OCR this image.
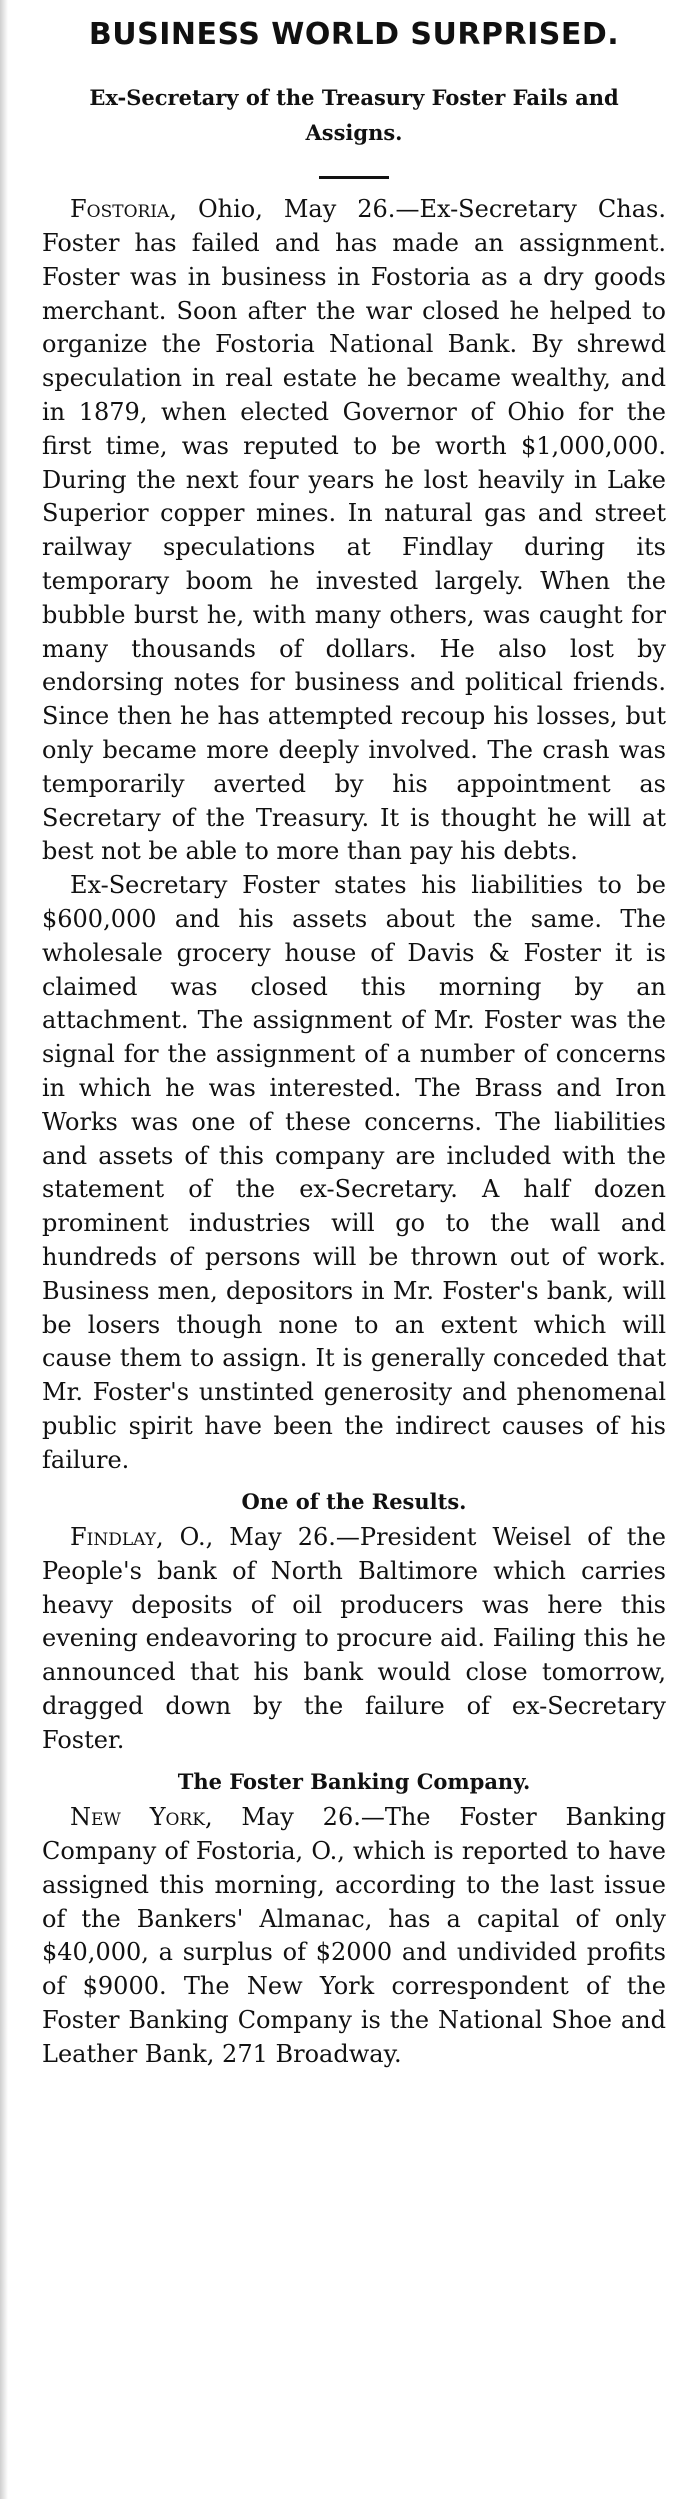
BUSINESS WORLD SURPRISED.

Ex-Secretary of the Treasury Foster Fails and Assigns.

Fostoria, Ohio, May 26.—Ex-Secretary Chas. Foster has failed and has made an assignment. Foster was in business in Fostoria as a dry goods merchant. Soon after the war closed he helped to organize the Fostoria National Bank. By shrewd speculation in real estate he became wealthy, and in 1879, when elected Governor of Ohio for the first time, was reputed to be worth $1,000,000. During the next four years he lost heavily in Lake Superior copper mines. In natural gas and street railway speculations at Findlay during its temporary boom he invested largely. When the bubble burst he, with many others, was caught for many thousands of dollars. He also lost by endorsing notes for business and political friends. Since then he has attempted recoup his losses, but only became more deeply involved. The crash was temporarily averted by his appointment as Secretary of the Treasury. It is thought he will at best not be able to more than pay his debts.

Ex-Secretary Foster states his liabilities to be $600,000 and his assets about the same. The wholesale grocery house of Davis & Foster it is claimed was closed this morning by an attachment. The assignment of Mr. Foster was the signal for the assignment of a number of concerns in which he was interested. The Brass and Iron Works was one of these concerns. The liabilities and assets of this company are included with the statement of the ex-Secretary. A half dozen prominent industries will go to the wall and hundreds of persons will be thrown out of work. Business men, depositors in Mr. Foster's bank, will be losers though none to an extent which will cause them to assign. It is generally conceded that Mr. Foster's unstinted generosity and phenomenal public spirit have been the indirect causes of his failure.

One of the Results.

Findlay, O., May 26.—President Weisel of the People's bank of North Baltimore which carries heavy deposits of oil producers was here this evening endeavoring to procure aid. Failing this he announced that his bank would close tomorrow, dragged down by the failure of ex-Secretary Foster.

The Foster Banking Company.

New York, May 26.—The Foster Banking Company of Fostoria, O., which is reported to have assigned this morning, according to the last issue of the Bankers' Almanac, has a capital of only $40,000, a surplus of $2000 and undivided profits of $9000. The New York correspondent of the Foster Banking Company is the National Shoe and Leather Bank, 271 Broadway.
